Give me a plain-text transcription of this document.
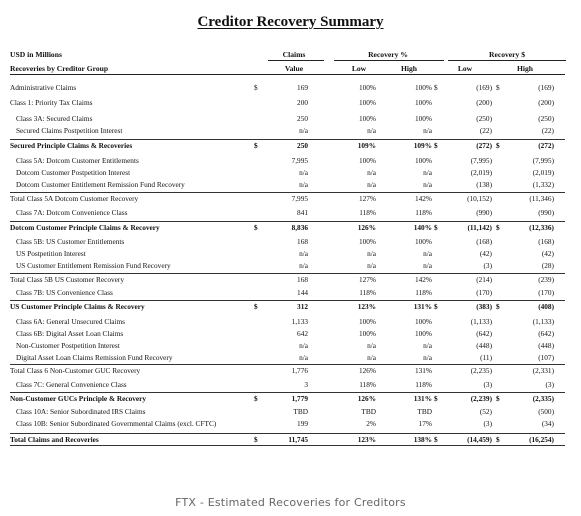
Creditor Recovery Summary
USD in Millions	Claims	Recovery %	Recovery $
Recoveries by Creditor Group	Value	Low	High	Low	High
Administrative Claims	$	169	100%	100% $	(169) $	(169)
Class 1: Priority Tax Claims	200	100%	100%	(200)	(200)
Class 3A: Secured Claims	250	100%	100%	(250)	(250)
Secured Claims Postpetition Interest	n/a	n/a	n/a	(22)	(22)
Secured Principle Claims & Recoveries	$	250	109%	109% $	(272) $	(272)
Class 5A: Dotcom Customer Entitlements	7,995	100%	100%	(7,995)	(7,995)
Dotcom Customer Postpetition Interest	n/a	n/a	n/a	(2,019)	(2,019)
Dotcom Customer Entitlement Remission Fund Recovery	n/a	n/a	n/a	(138)	(1,332)
Total Class 5A Dotcom Customer Recovery	7,995	127%	142%	(10,152)	(11,346)
Class 7A: Dotcom Convenience Class	841	118%	118%	(990)	(990)
Dotcom Customer Principle Claims & Recovery	$	8,836	126%	140% $	(11,142) $	(12,336)
Class 5B: US Customer Entitlements	168	100%	100%	(168)	(168)
US Postpetition Interest	n/a	n/a	n/a	(42)	(42)
US Customer Entitlement Remission Fund Recovery	n/a	n/a	n/a	(3)	(28)
Total Class 5B US Customer Recovery	168	127%	142%	(214)	(239)
Class 7B: US Convenience Class	144	118%	118%	(170)	(170)
US Customer Principle Claims & Recovery	$	312	123%	131% $	(383) $	(408)
Class 6A: General Unsecured Claims	1,133	100%	100%	(1,133)	(1,133)
Class 6B: Digital Asset Loan Claims	642	100%	100%	(642)	(642)
Non-Customer Postpetition Interest	n/a	n/a	n/a	(448)	(448)
Digital Asset Loan Claims Remission Fund Recovery	n/a	n/a	n/a	(11)	(107)
Total Class 6 Non-Customer GUC Recovery	1,776	126%	131%	(2,235)	(2,331)
Class 7C: General Convenience Class	3	118%	118%	(3)	(3)
Non-Customer GUCs Principle & Recovery	$	1,779	126%	131% $	(2,239) $	(2,335)
Class 10A: Senior Subordinated IRS Claims	TBD	TBD	TBD	(52)	(500)
Class 10B: Senior Subordinated Governmental Claims (excl. CFTC)	199	2%	17%	(3)	(34)
Total Claims and Recoveries	$	11,745	123%	138% $	(14,459) $	(16,254)
FTX - Estimated Recoveries for Creditors
